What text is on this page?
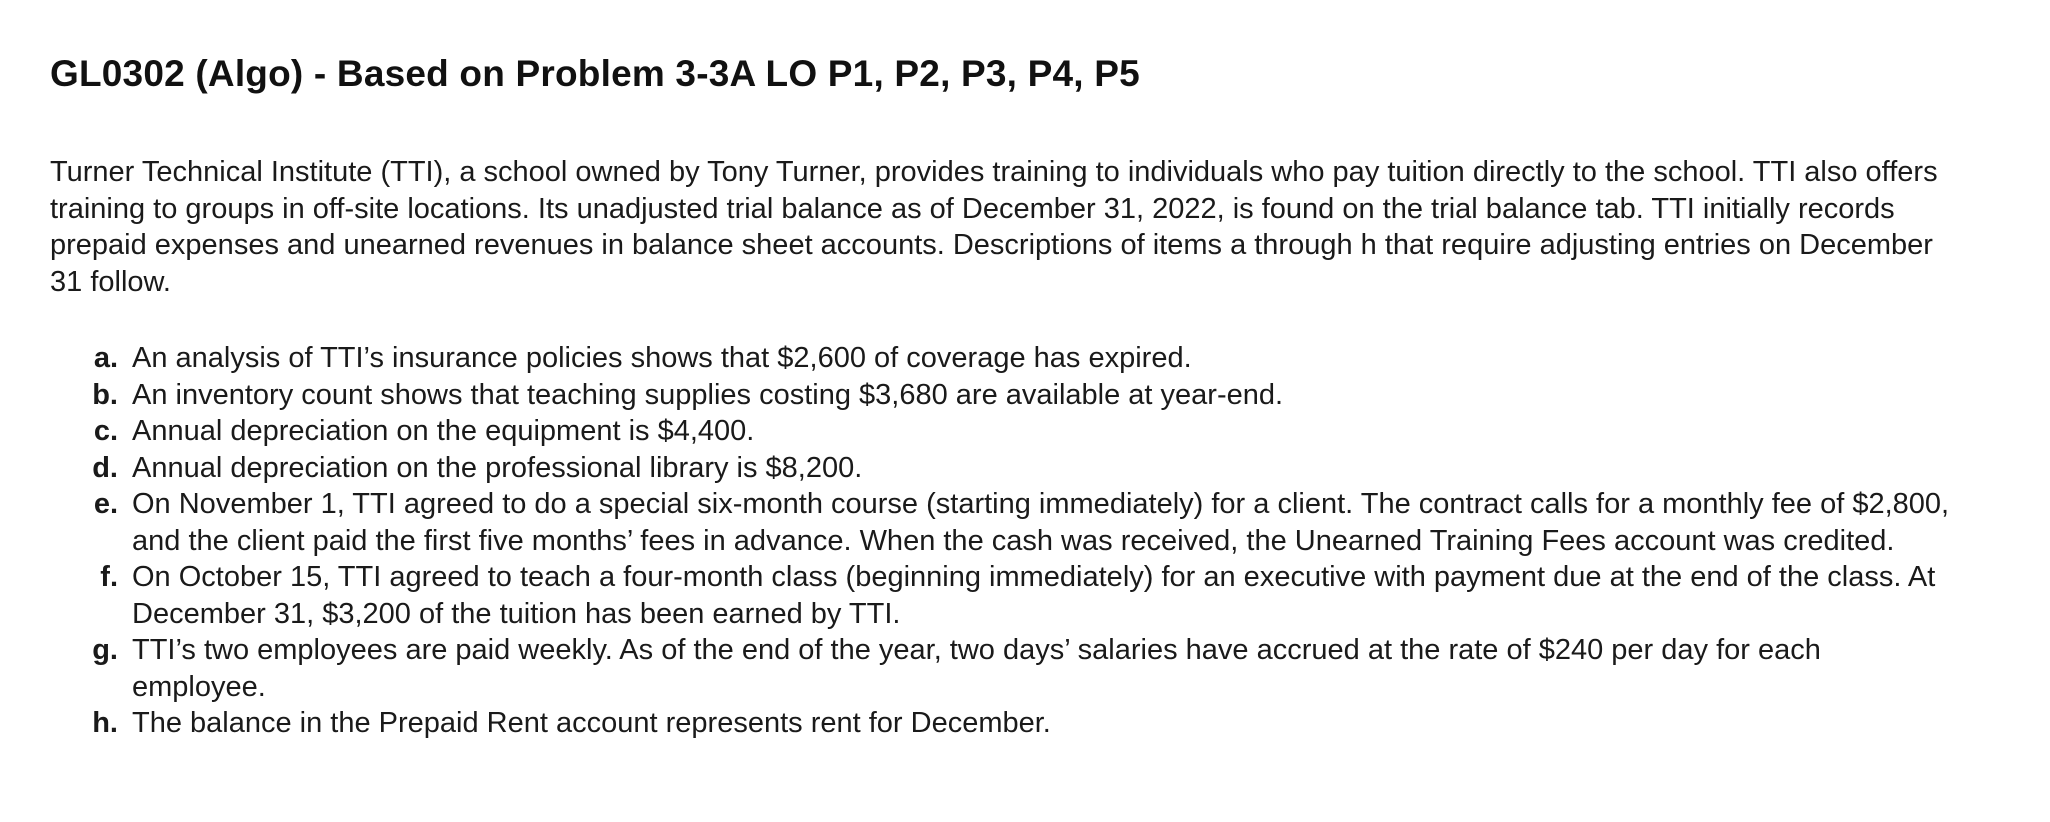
GL0302 (Algo) - Based on Problem 3-3A LO P1, P2, P3, P4, P5

Turner Technical Institute (TTI), a school owned by Tony Turner, provides training to individuals who pay tuition directly to the school. TTI also offers training to groups in off-site locations. Its unadjusted trial balance as of December 31, 2022, is found on the trial balance tab. TTI initially records prepaid expenses and unearned revenues in balance sheet accounts. Descriptions of items a through h that require adjusting entries on December 31 follow.

a. An analysis of TTI’s insurance policies shows that $2,600 of coverage has expired.
b. An inventory count shows that teaching supplies costing $3,680 are available at year-end.
c. Annual depreciation on the equipment is $4,400.
d. Annual depreciation on the professional library is $8,200.
e. On November 1, TTI agreed to do a special six-month course (starting immediately) for a client. The contract calls for a monthly fee of $2,800, and the client paid the first five months’ fees in advance. When the cash was received, the Unearned Training Fees account was credited.
f. On October 15, TTI agreed to teach a four-month class (beginning immediately) for an executive with payment due at the end of the class. At December 31, $3,200 of the tuition has been earned by TTI.
g. TTI’s two employees are paid weekly. As of the end of the year, two days’ salaries have accrued at the rate of $240 per day for each employee.
h. The balance in the Prepaid Rent account represents rent for December.
